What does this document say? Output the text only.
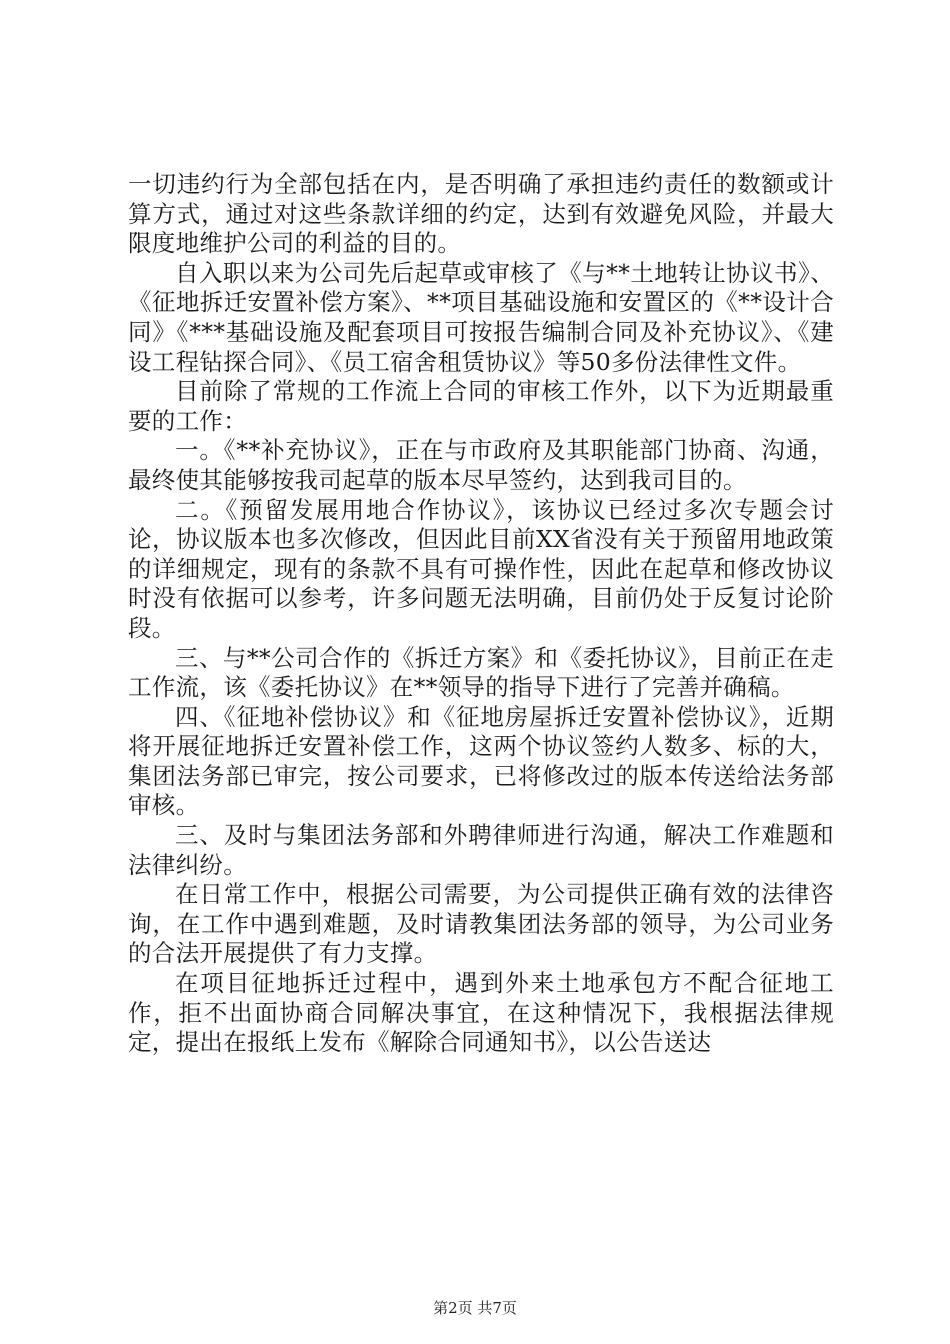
一切违约行为全部包括在内，是否明确了承担违约责任的数额或计算方式，通过对这些条款详细的约定，达到有效避免风险，并最大限度地维护公司的利益的目的。

自入职以来为公司先后起草或审核了《与**土地转让协议书》、《征地拆迁安置补偿方案》、**项目基础设施和安置区的《**设计合同》《***基础设施及配套项目可按报告编制合同及补充协议》、《建设工程钻探合同》、《员工宿舍租赁协议》等50多份法律性文件。

目前除了常规的工作流上合同的审核工作外，以下为近期最重要的工作：

一。《**补充协议》，正在与市政府及其职能部门协商、沟通，最终使其能够按我司起草的版本尽早签约，达到我司目的。

二。《预留发展用地合作协议》，该协议已经过多次专题会讨论，协议版本也多次修改，但因此目前XX省没有关于预留用地政策的详细规定，现有的条款不具有可操作性，因此在起草和修改协议时没有依据可以参考，许多问题无法明确，目前仍处于反复讨论阶段。

三、与**公司合作的《拆迁方案》和《委托协议》，目前正在走工作流，该《委托协议》在**领导的指导下进行了完善并确稿。

四、《征地补偿协议》和《征地房屋拆迁安置补偿协议》，近期将开展征地拆迁安置补偿工作，这两个协议签约人数多、标的大，集团法务部已审完，按公司要求，已将修改过的版本传送给法务部审核。

三、及时与集团法务部和外聘律师进行沟通，解决工作难题和法律纠纷。

在日常工作中，根据公司需要，为公司提供正确有效的法律咨询，在工作中遇到难题，及时请教集团法务部的领导，为公司业务的合法开展提供了有力支撑。

在项目征地拆迁过程中，遇到外来土地承包方不配合征地工作，拒不出面协商合同解决事宜，在这种情况下，我根据法律规定，提出在报纸上发布《解除合同通知书》，以公告送达

第2页 共7页
